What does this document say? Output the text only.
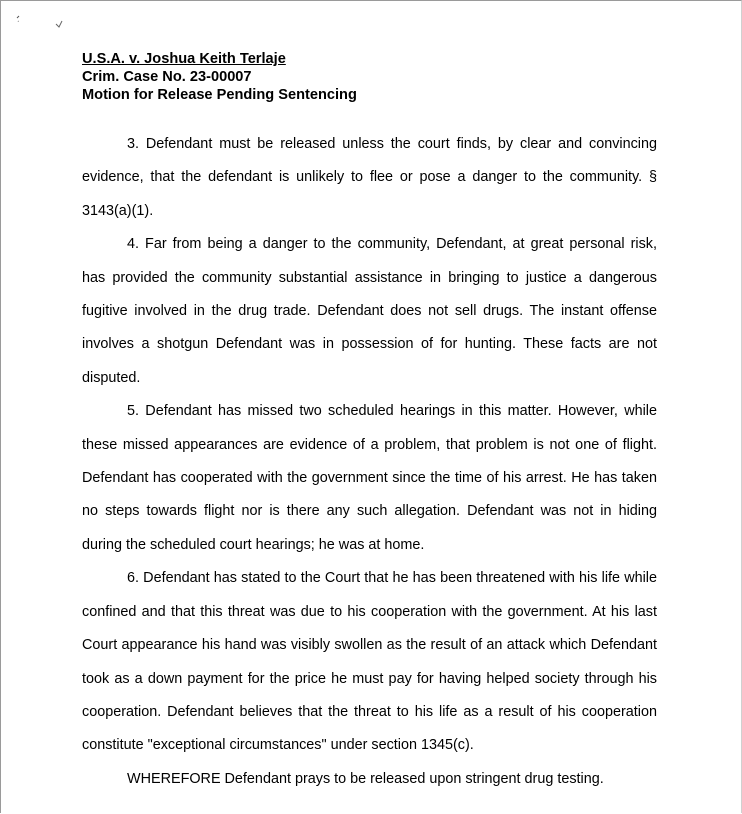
U.S.A. v. Joshua Keith Terlaje
Crim. Case No. 23-00007
Motion for Release Pending Sentencing

3. Defendant must be released unless the court finds, by clear and convincing evidence, that the defendant is unlikely to flee or pose a danger to the community. § 3143(a)(1).

4. Far from being a danger to the community, Defendant, at great personal risk, has provided the community substantial assistance in bringing to justice a dangerous fugitive involved in the drug trade. Defendant does not sell drugs. The instant offense involves a shotgun Defendant was in possession of for hunting. These facts are not disputed.

5. Defendant has missed two scheduled hearings in this matter. However, while these missed appearances are evidence of a problem, that problem is not one of flight. Defendant has cooperated with the government since the time of his arrest. He has taken no steps towards flight nor is there any such allegation. Defendant was not in hiding during the scheduled court hearings; he was at home.

6. Defendant has stated to the Court that he has been threatened with his life while confined and that this threat was due to his cooperation with the government. At his last Court appearance his hand was visibly swollen as the result of an attack which Defendant took as a down payment for the price he must pay for having helped society through his cooperation. Defendant believes that the threat to his life as a result of his cooperation constitute "exceptional circumstances" under section 1345(c).

WHEREFORE Defendant prays to be released upon stringent drug testing.
